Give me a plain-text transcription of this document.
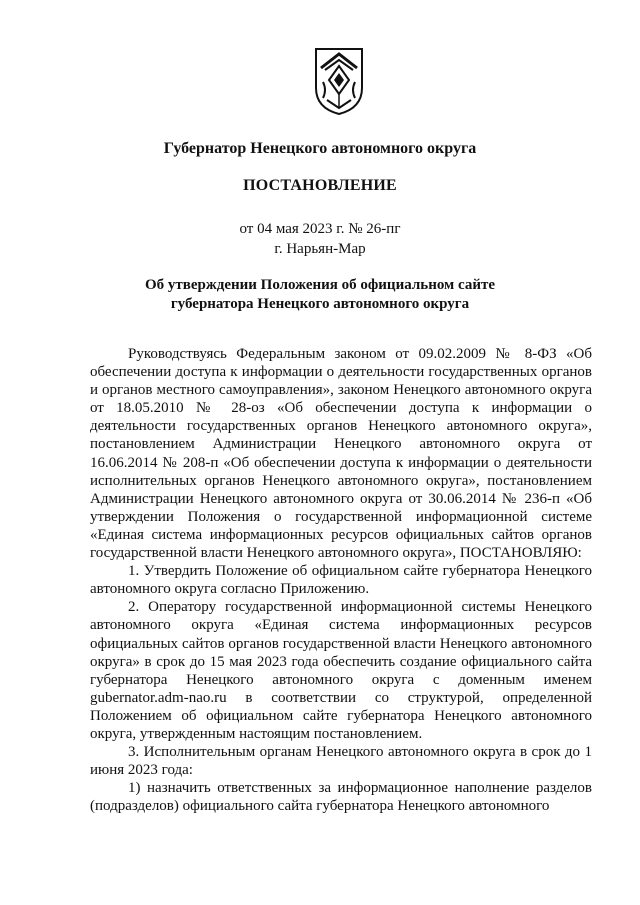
Губернатор Ненецкого автономного округа
ПОСТАНОВЛЕНИЕ
от 04 мая 2023 г. № 26-пг
г. Нарьян-Мар
Об утверждении Положения об официальном сайте
губернатора Ненецкого автономного округа

Руководствуясь Федеральным законом от 09.02.2009 № 8-ФЗ «Об обеспечении доступа к информации о деятельности государственных органов и органов местного самоуправления», законом Ненецкого автономного округа от 18.05.2010 № 28-оз «Об обеспечении доступа к информации о деятельности государственных органов Ненецкого автономного округа», постановлением Администрации Ненецкого автономного округа от 16.06.2014 № 208-п «Об обеспечении доступа к информации о деятельности исполнительных органов Ненецкого автономного округа», постановлением Администрации Ненецкого автономного округа от 30.06.2014 № 236-п «Об утверждении Положения о государственной информационной системе «Единая система информационных ресурсов официальных сайтов органов государственной власти Ненецкого автономного округа», ПОСТАНОВЛЯЮ:

1. Утвердить Положение об официальном сайте губернатора Ненецкого автономного округа согласно Приложению.

2. Оператору государственной информационной системы Ненецкого автономного округа «Единая система информационных ресурсов официальных сайтов органов государственной власти Ненецкого автономного округа» в срок до 15 мая 2023 года обеспечить создание официального сайта губернатора Ненецкого автономного округа с доменным именем gubernator.adm-nao.ru в соответствии со структурой, определенной Положением об официальном сайте губернатора Ненецкого автономного округа, утвержденным настоящим постановлением.

3. Исполнительным органам Ненецкого автономного округа в срок до 1 июня 2023 года:

1) назначить ответственных за информационное наполнение разделов (подразделов) официального сайта губернатора Ненецкого автономного
